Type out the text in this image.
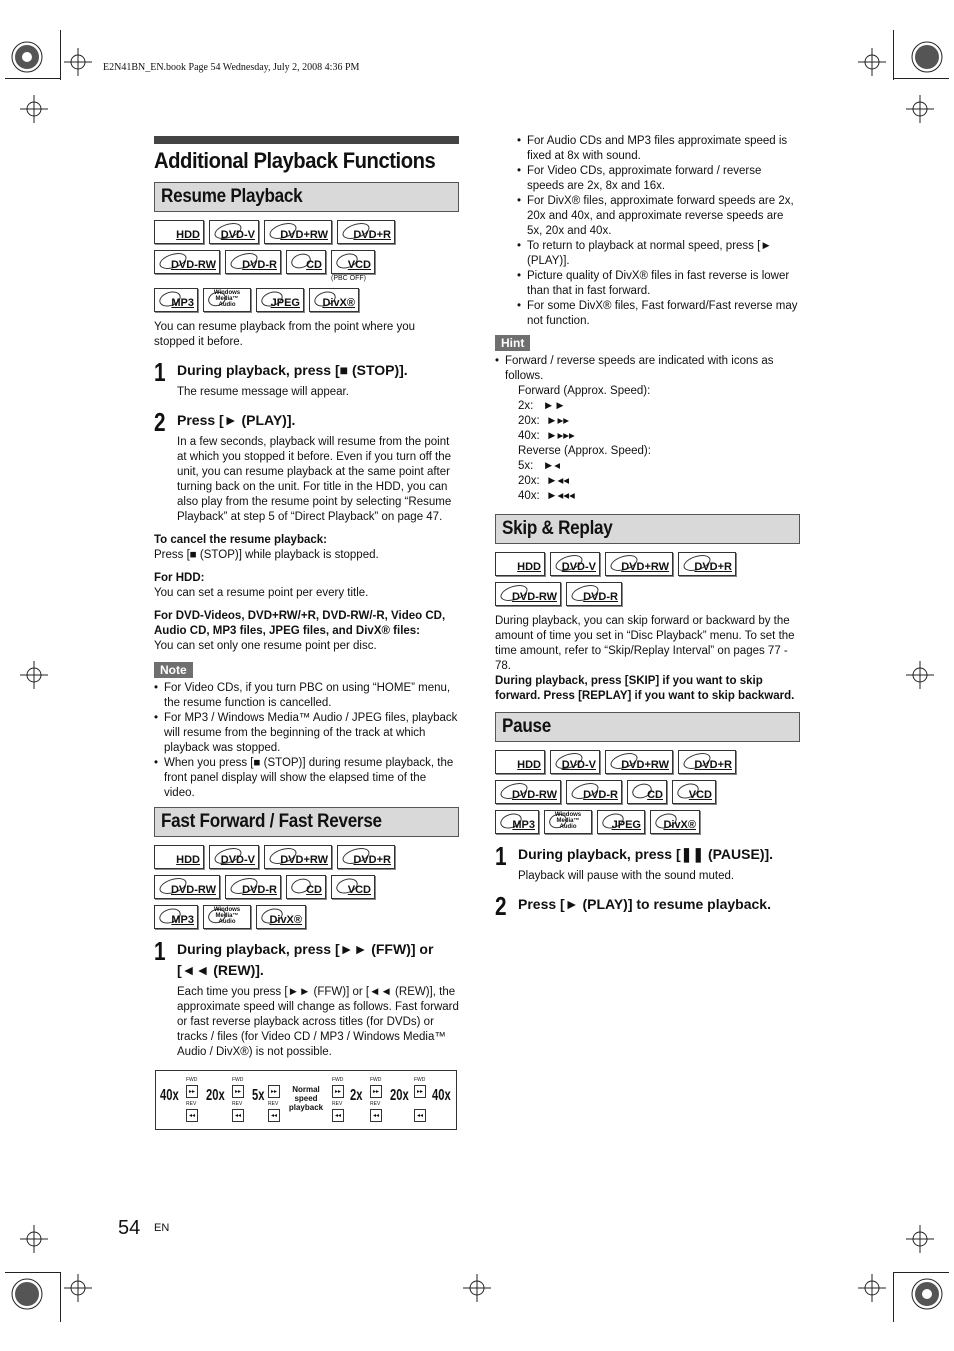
E2N41BN_EN.book Page 54 Wednesday, July 2, 2008 4:36 PM
Additional Playback Functions
Resume Playback
HDD DVD-V DVD+RW DVD+R
DVD-RW DVD-R	CD VCD
(PBC OFF)
MP3
Windows Media™ Audio	JPEG DivX®

You can resume playback from the point where you stopped it before.

1 During playback, press [■ (STOP)].
The resume message will appear.
2 Press [► (PLAY)].
In a few seconds, playback will resume from the point at which you stopped it before. Even if you turn off the unit, you can resume playback at the same point after turning back on the unit. For title in the HDD, you can also play from the resume point by selecting “Resume Playback” at step 5 of “Direct Playback” on page 47.

To cancel the resume playback:

Press [■ (STOP)] while playback is stopped.

For HDD:

You can set a resume point per every title.

For DVD-Videos, DVD+RW/+R, DVD-RW/-R, Video CD, Audio CD, MP3 files, JPEG files, and DivX® files:

You can set only one resume point per disc.

Note
• For Video CDs, if you turn PBC on using “HOME” menu, the resume function is cancelled.
• For MP3 / Windows Media™ Audio / JPEG files, playback will resume from the beginning of the track at which playback was stopped.
• When you press [■ (STOP)] during resume playback, the front panel display will show the elapsed time of the video.
Fast Forward / Fast Reverse
HDD DVD-V DVD+RW DVD+R
DVD-RW DVD-R	CD VCD
MP3
Windows Media™ Audio	DivX®
1 During playback, press [►► (FFW)] or [◄◄ (REW)].
Each time you press [►► (FFW)] or [◄◄ (REW)], the approximate speed will change as follows. Fast forward or fast reverse playback across titles (for DVDs) or tracks / files (for Video CD / MP3 / Windows Media™ Audio / DivX®) is not possible.
40x	▸▸
◂◂
20x	▸▸
◂◂
5x	▸▸
◂◂
Normal speed playback
▸▸
◂◂
2x	▸▸
◂◂
20x	▸▸
◂◂
40x
FWD	FWD	FWD	FWD	FWD
REV	REV	REV	REV	REV
• For Audio CDs and MP3 files approximate speed is fixed at 8x with sound.
• For Video CDs, approximate forward / reverse speeds are 2x, 8x and 16x.
• For DivX® files, approximate forward speeds are 2x, 20x and 40x, and approximate reverse speeds are 5x, 20x and 40x.
• To return to playback at normal speed, press [► (PLAY)].
• Picture quality of DivX® files in fast reverse is lower than that in fast forward.
• For some DivX® files, Fast forward/Fast reverse may not function.
Hint
• Forward / reverse speeds are indicated with icons as follows.

Forward (Approx. Speed):

2x:   ►►

20x:  ►▸▸

40x:  ►▸▸▸

Reverse (Approx. Speed):

5x:   ►◂

20x:  ►◂◂

40x:  ►◂◂◂

Skip & Replay
HDD DVD-V DVD+RW DVD+R
DVD-RW DVD-R

During playback, you can skip forward or backward by the amount of time you set in “Disc Playback” menu. To set the time amount, refer to “Skip/Replay Interval” on pages 77 - 78.

During playback, press [SKIP] if you want to skip forward. Press [REPLAY] if you want to skip backward.

Pause
HDD DVD-V DVD+RW DVD+R
DVD-RW DVD-R	CD VCD
MP3
Windows Media™ Audio	JPEG DivX®
1 During playback, press [❚❚ (PAUSE)].
Playback will pause with the sound muted.
2 Press [► (PLAY)] to resume playback.
54 EN
